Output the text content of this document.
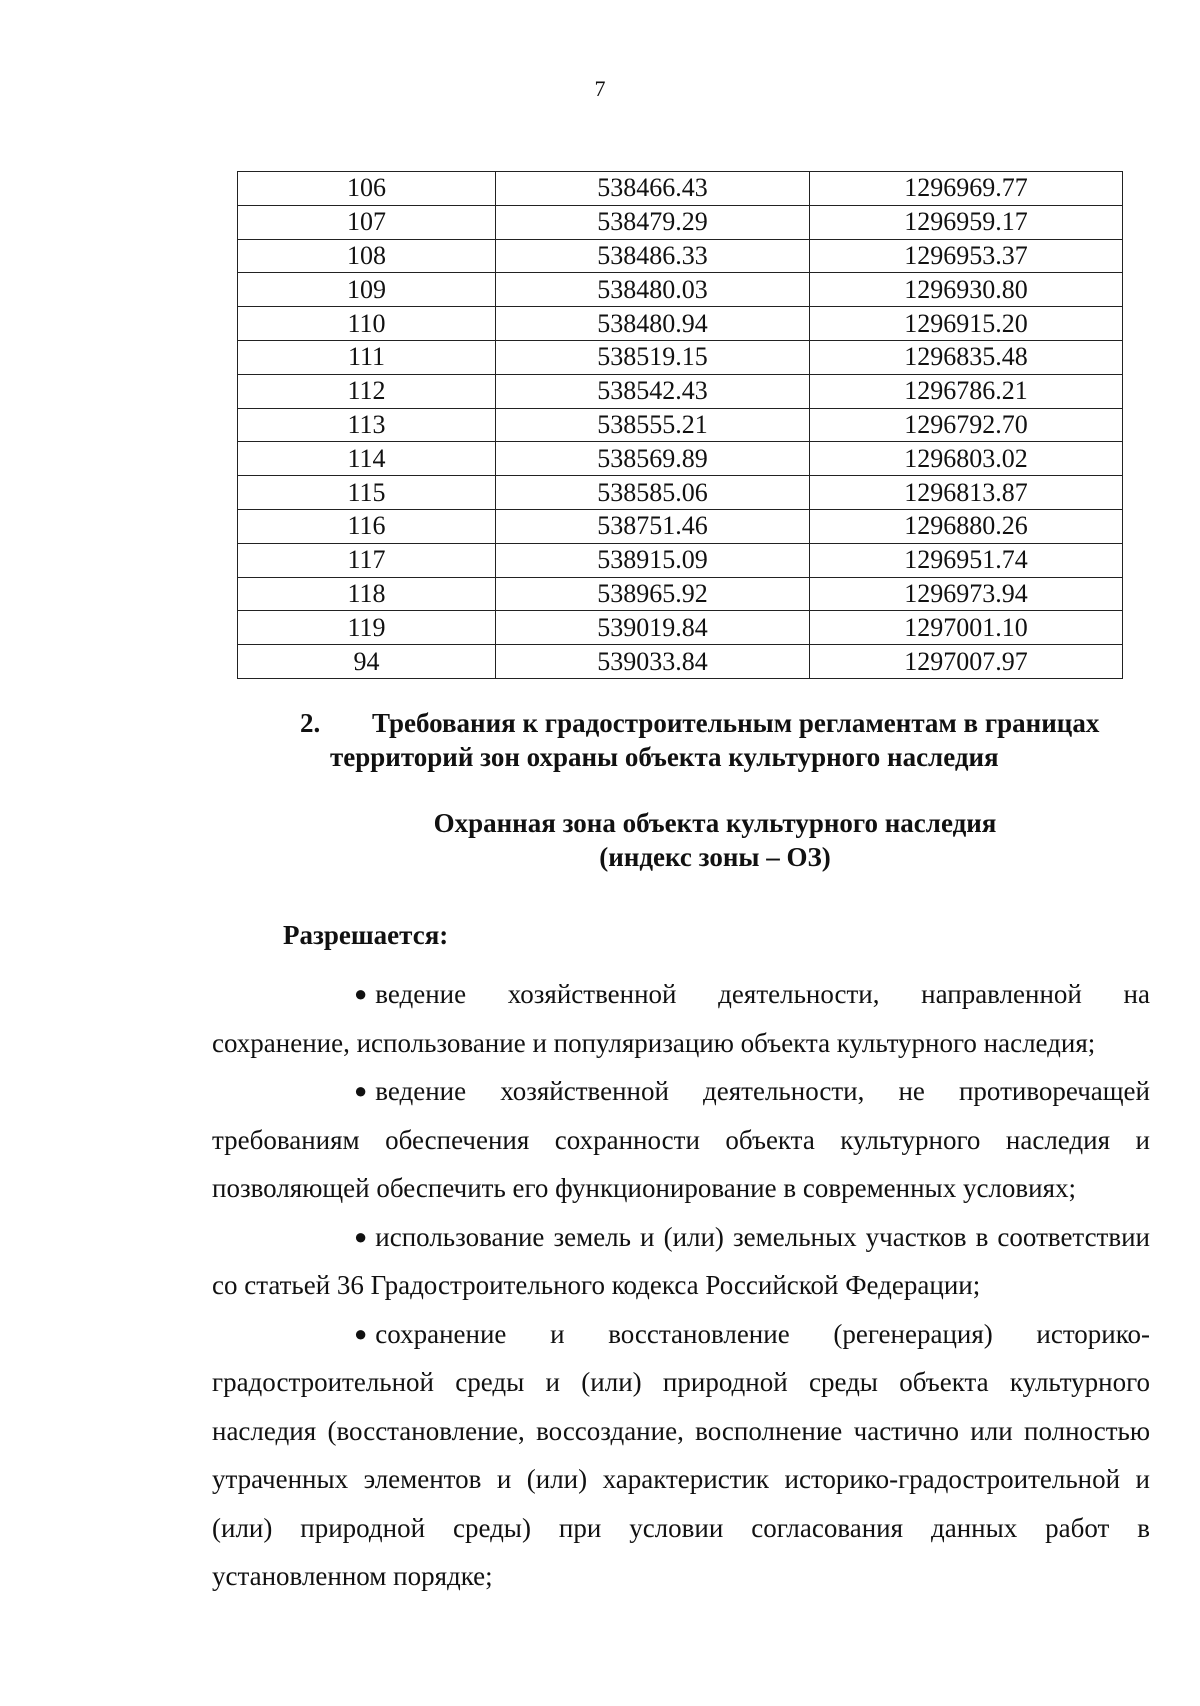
7
106	538466.43	1296969.77
107	538479.29	1296959.17
108	538486.33	1296953.37
109	538480.03	1296930.80
110	538480.94	1296915.20
111	538519.15	1296835.48
112	538542.43	1296786.21
113	538555.21	1296792.70
114	538569.89	1296803.02
115	538585.06	1296813.87
116	538751.46	1296880.26
117	538915.09	1296951.74
118	538965.92	1296973.94
119	539019.84	1297001.10
94	539033.84	1297007.97
2. Требования к градостроительным регламентам в границах
территорий зон охраны объекта культурного наследия
Охранная зона объекта культурного наследия
(индекс зоны – ОЗ)
Разрешается:

● ведение хозяйственной деятельности, направленной на сохранение, использование и популяризацию объекта культурного наследия;

● ведение хозяйственной деятельности, не противоречащей требованиям обеспечения сохранности объекта культурного наследия и позволяющей обеспечить его функционирование в современных условиях;

● использование земель и (или) земельных участков в соответствии со статьей 36 Градостроительного кодекса Российской Федерации;

● сохранение и восстановление (регенерация) историко-градостроительной среды и (или) природной среды объекта культурного наследия (восстановление, воссоздание, восполнение частично или полностью утраченных элементов и (или) характеристик историко-градостроительной и (или) природной среды) при условии согласования данных работ в установленном порядке;
